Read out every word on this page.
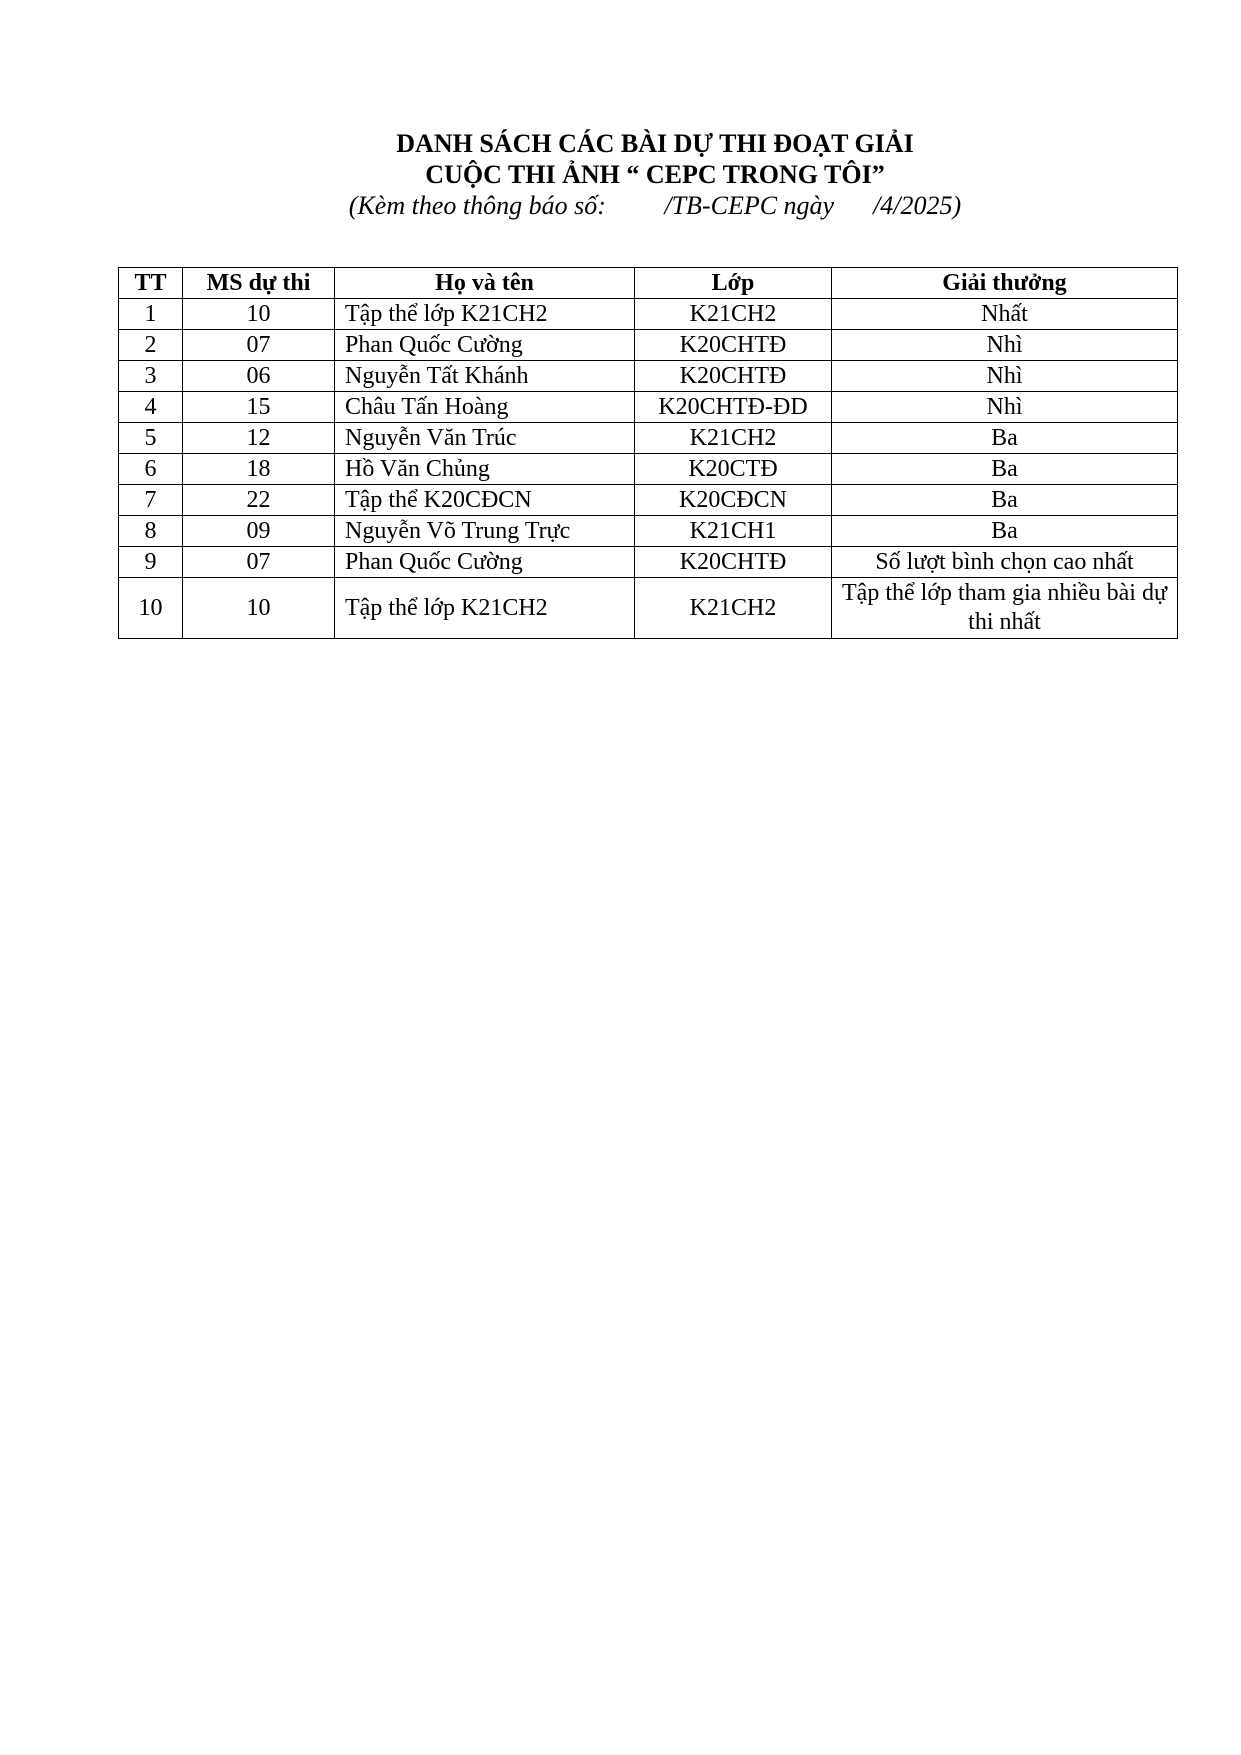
DANH SÁCH CÁC BÀI DỰ THI ĐOẠT GIẢI

CUỘC THI ẢNH “ CEPC TRONG TÔI”

(Kèm theo thông báo số:         /TB-CEPC ngày      /4/2025)

TT	MS dự thi	Họ và tên	Lớp	Giải thưởng
1	10	Tập thể lớp K21CH2	K21CH2	Nhất
2	07	Phan Quốc Cường	K20CHTĐ	Nhì
3	06	Nguyễn Tất Khánh	K20CHTĐ	Nhì
4	15	Châu Tấn Hoàng	K20CHTĐ-ĐD	Nhì
5	12	Nguyễn Văn Trúc	K21CH2	Ba
6	18	Hồ Văn Chủng	K20CTĐ	Ba
7	22	Tập thể K20CĐCN	K20CĐCN	Ba
8	09	Nguyễn Võ Trung Trực	K21CH1	Ba
9	07	Phan Quốc Cường	K20CHTĐ	Số lượt bình chọn cao nhất
10	10	Tập thể lớp K21CH2	K21CH2	Tập thể lớp tham gia nhiều bài dự thi nhất
